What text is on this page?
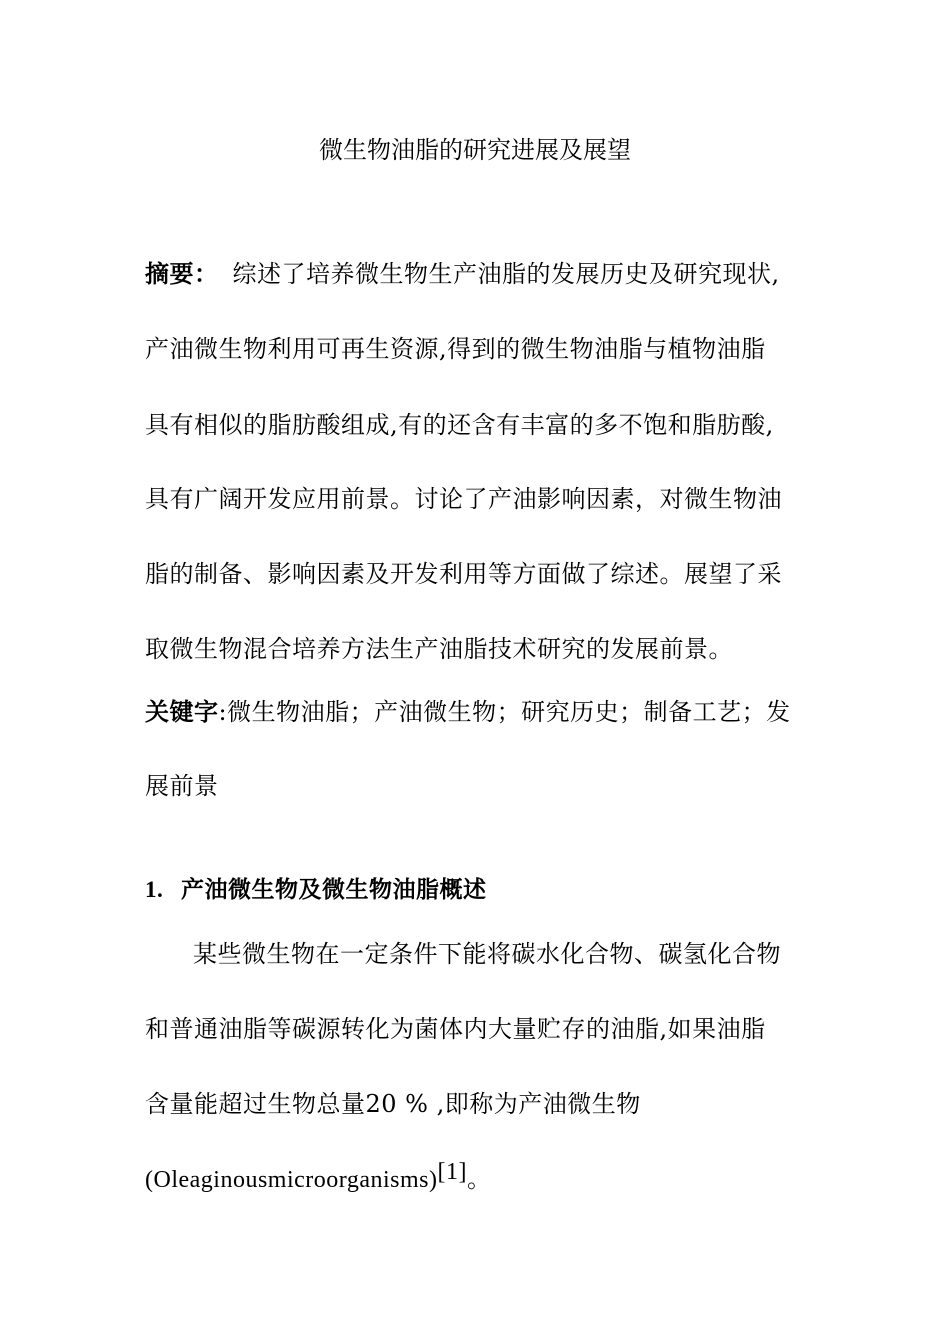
微生物油脂的研究进展及展望
摘要： 综述了培养微生物生产油脂的发展历史及研究现状,
产油微生物利用可再生资源,得到的微生物油脂与植物油脂
具有相似的脂肪酸组成,有的还含有丰富的多不饱和脂肪酸,
具有广阔开发应用前景。讨论了产油影响因素，对微生物油
脂的制备、影响因素及开发利用等方面做了综述。展望了采
取微生物混合培养方法生产油脂技术研究的发展前景。
关键字:微生物油脂；产油微生物；研究历史；制备工艺；发
展前景
1. 产油微生物及微生物油脂概述
某些微生物在一定条件下能将碳水化合物、碳氢化合物
和普通油脂等碳源转化为菌体内大量贮存的油脂,如果油脂
含量能超过生物总量20 % ,即称为产油微生物
(Oleaginousmicroorganisms)[1]。
